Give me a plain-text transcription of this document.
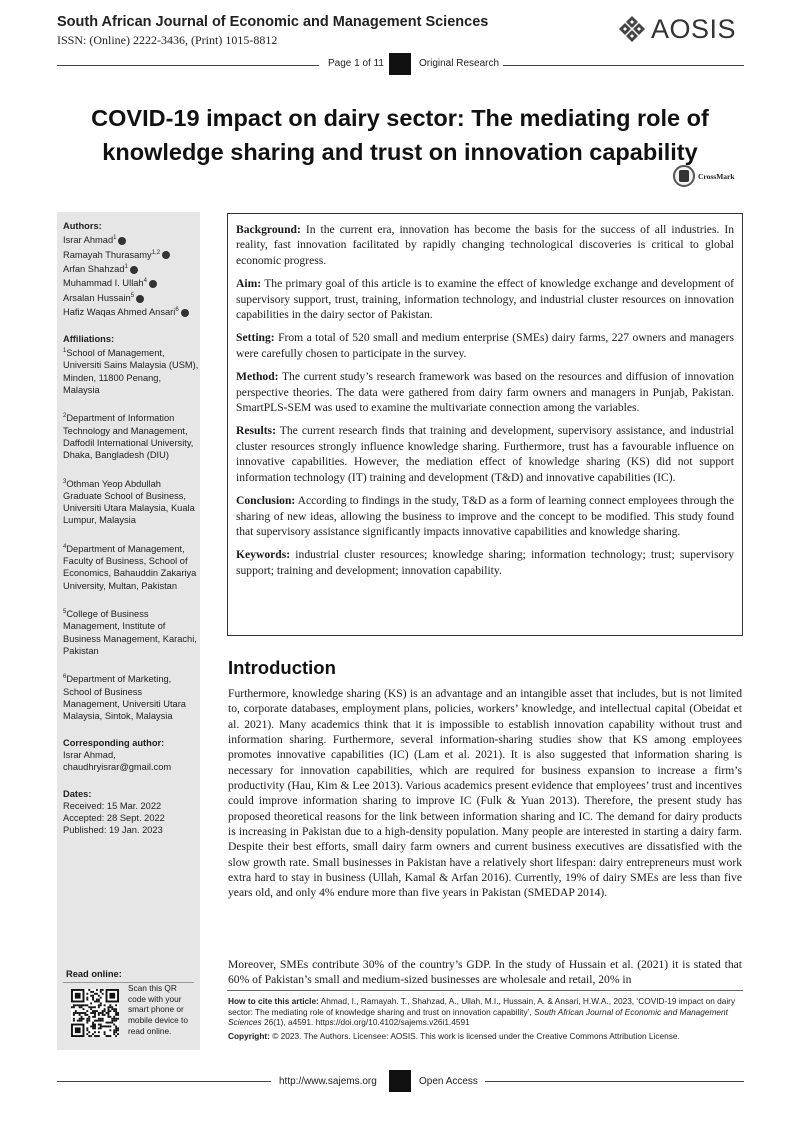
South African Journal of Economic and Management Sciences
ISSN: (Online) 2222-3436, (Print) 1015-8812	AOSIS
Page 1 of 11	Original Research
COVID-19 impact on dairy sector: The mediating role of knowledge sharing and trust on innovation capability
CrossMark
Authors:
Israr Ahmad$^1$
Ramayah Thurasamy$^{1,2}$
Arfan Shahzad$^1$
Muhammad I. Ullah$^4$
Arsalan Hussain$^5$
Hafiz Waqas Ahmed Ansari$^6$
Affiliations:
$^1$School of Management, Universiti Sains Malaysia (USM), Minden, 11800 Penang, Malaysia
$^2$Department of Information Technology and Management, Daffodil International University, Dhaka, Bangladesh (DIU)
$^3$Othman Yeop Abdullah Graduate School of Business, Universiti Utara Malaysia, Kuala Lumpur, Malaysia
$^4$Department of Management, Faculty of Business, School of Economics, Bahauddin Zakariya University, Multan, Pakistan
$^5$College of Business Management, Institute of Business Management, Karachi, Pakistan
$^6$Department of Marketing, School of Business Management, Universiti Utara Malaysia, Sintok, Malaysia
Corresponding author:
Israr Ahmad,
chaudhryisrar@gmail.com
Dates:
Received: 15 Mar. 2022
Accepted: 28 Sept. 2022
Published: 19 Jan. 2023
Read online:
Scan this QR code with your smart phone or mobile device to read online.

Background: In the current era, innovation has become the basis for the success of all industries. In reality, fast innovation facilitated by rapidly changing technological discoveries is critical to global economic progress.

Aim: The primary goal of this article is to examine the effect of knowledge exchange and development of supervisory support, trust, training, information technology, and industrial cluster resources on innovation capabilities in the dairy sector of Pakistan.

Setting: From a total of 520 small and medium enterprise (SMEs) dairy farms, 227 owners and managers were carefully chosen to participate in the survey.

Method: The current study’s research framework was based on the resources and diffusion of innovation perspective theories. The data were gathered from dairy farm owners and managers in Punjab, Pakistan. SmartPLS-SEM was used to examine the multivariate connection among the variables.

Results: The current research finds that training and development, supervisory assistance, and industrial cluster resources strongly influence knowledge sharing. Furthermore, trust has a favourable influence on innovative capabilities. However, the mediation effect of knowledge sharing (KS) did not support information technology (IT) training and development (T&D) and innovative capabilities (IC).

Conclusion: According to findings in the study, T&D as a form of learning connect employees through the sharing of new ideas, allowing the business to improve and the concept to be modified. This study found that supervisory assistance significantly impacts innovative capabilities and knowledge sharing.

Keywords: industrial cluster resources; knowledge sharing; information technology; trust; supervisory support; training and development; innovation capability.

Introduction
Furthermore, knowledge sharing (KS) is an advantage and an intangible asset that includes, but is not limited to, corporate databases, employment plans, policies, workers’ knowledge, and intellectual capital (Obeidat et al. 2021). Many academics think that it is impossible to establish innovation capability without trust and information sharing. Furthermore, several information-sharing studies show that KS among employees promotes innovative capabilities (IC) (Lam et al. 2021). It is also suggested that information sharing is necessary for innovation capabilities, which are required for business expansion to increase a firm’s productivity (Hau, Kim & Lee 2013). Various academics present evidence that employees’ trust and incentives could improve information sharing to improve IC (Fulk & Yuan 2013). Therefore, the present study has proposed theoretical reasons for the link between information sharing and IC. The demand for dairy products is increasing in Pakistan due to a high-density population. Many people are interested in starting a dairy farm. Despite their best efforts, small dairy farm owners and current business executives are dissatisfied with the slow growth rate. Small businesses in Pakistan have a relatively short lifespan: dairy entrepreneurs must work extra hard to stay in business (Ullah, Kamal & Arfan 2016). Currently, 19% of dairy SMEs are less than five years old, and only 4% endure more than five years in Pakistan (SMEDAP 2014).
Moreover, SMEs contribute 30% of the country’s GDP. In the study of Hussain et al. (2021) it is stated that 60% of Pakistan’s small and medium-sized businesses are wholesale and retail, 20% in
How to cite this article: Ahmad, I., Ramayah. T., Shahzad, A., Ullah, M.I., Hussain, A. & Ansari, H.W.A., 2023, ‘COVID-19 impact on dairy sector: The mediating role of knowledge sharing and trust on innovation capability’, South African Journal of Economic and Management Sciences 26(1), a4591. https://doi.org/10.4102/sajems.v26i1.4591
Copyright: © 2023. The Authors. Licensee: AOSIS. This work is licensed under the Creative Commons Attribution License.
http://www.sajems.org	Open Access
